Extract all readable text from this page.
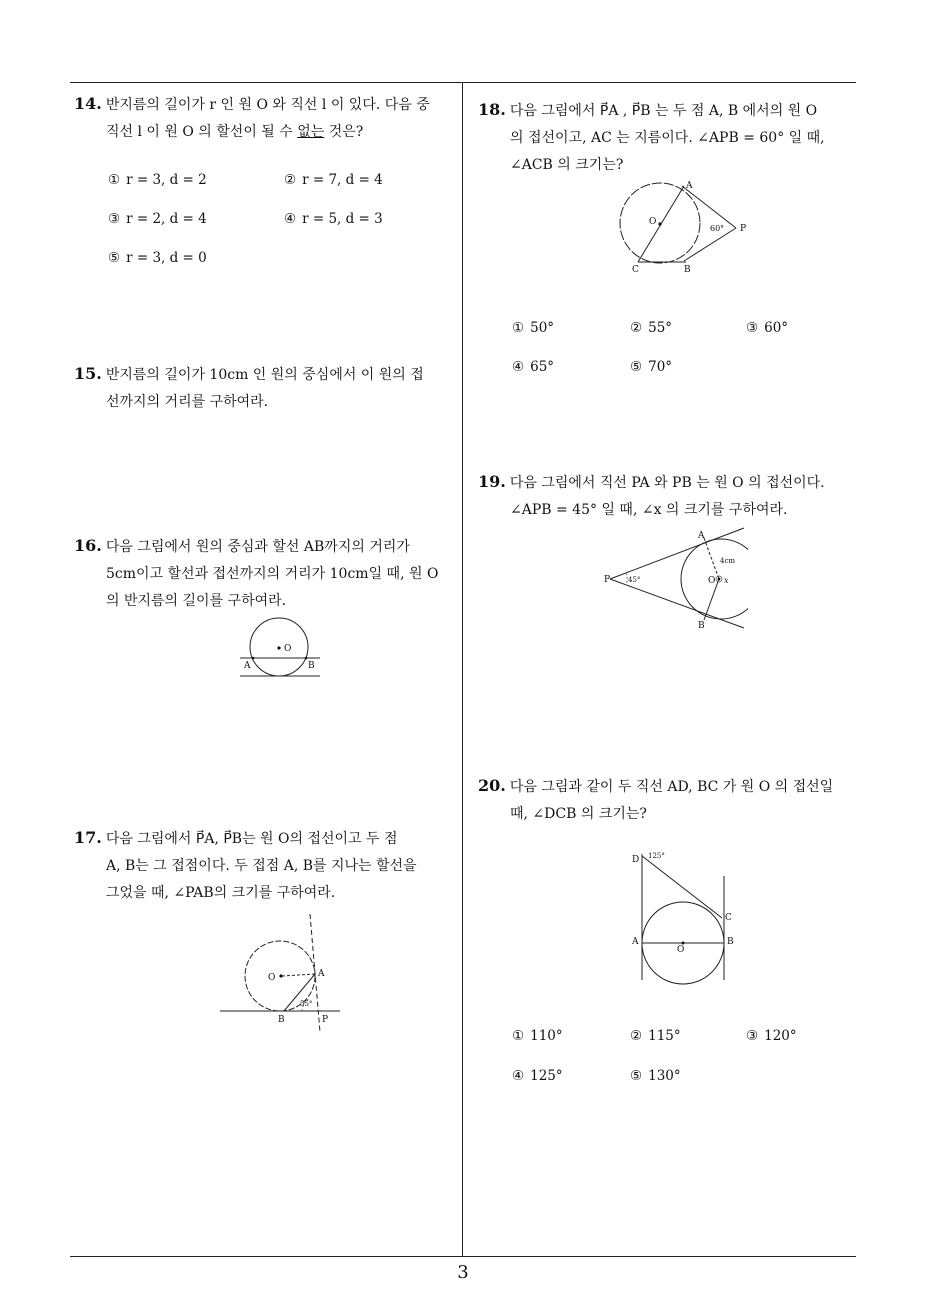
14. 반지름의 길이가 r 인 원 O 와 직선 l 이 있다. 다음 중
직선 l 이 원 O 의 할선이 될 수 없는 것은?
① r = 3, d = 2	② r = 7, d = 4
③ r = 2, d = 4	④ r = 5, d = 3
⑤ r = 3, d = 0
15. 반지름의 길이가 10cm 인 원의 중심에서 이 원의 접
선까지의 거리를 구하여라.
16. 다음 그림에서 원의 중심과 할선 AB까지의 거리가
5cm이고 할선과 접선까지의 거리가 10cm일 때, 원 O
의 반지름의 길이를 구하여라.
O
A	B
17. 다음 그림에서 P⃗A, P⃗B는 원 O의 접선이고 두 점
A, B는 그 접점이다. 두 접점 A, B를 지나는 할선을
그었을 때, ∠PAB의 크기를 구하여라.
O	A
B	P
55°
18. 다음 그림에서 P⃗A , P⃗B 는 두 점 A, B 에서의 원 O
의 접선이고, AC 는 지름이다. ∠APB = 60° 일 때,
∠ACB 의 크기는?
O
A
B
C
P
60°
① 50°	② 55°	③ 60°
④ 65°	⑤ 70°
19. 다음 그림에서 직선 PA 와 PB 는 원 O 의 접선이다.
∠APB = 45° 일 때, ∠x 의 크기를 구하여라.
P	45°
A
B
O x
4cm
20. 다음 그림과 같이 두 직선 AD, BC 가 원 O 의 접선일
때, ∠DCB 의 크기는?
D 125°
A	B
C
O
① 110°	② 115°	③ 120°
④ 125°	⑤ 130°
3
